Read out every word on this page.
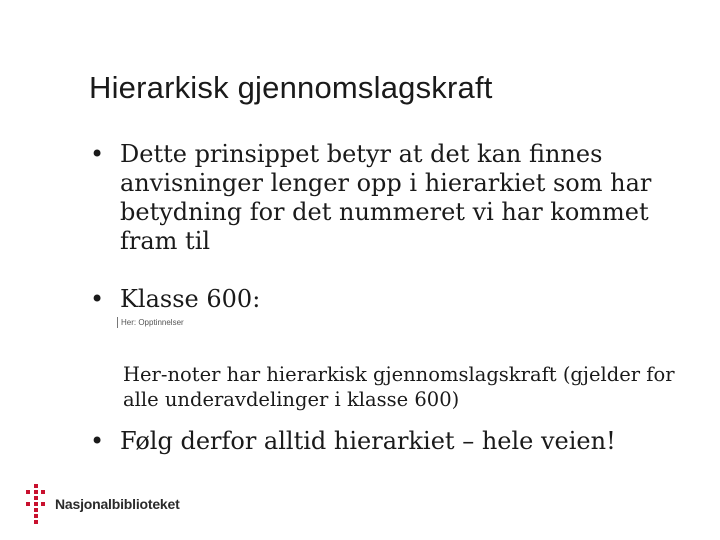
Hierarkisk gjennomslagskraft
• Dette prinsippet betyr at det kan finnes anvisninger lenger opp i hierarkiet som har betydning for det nummeret vi har kommet fram til
• Klasse 600:
Her: Opptinnelser
Her-noter har hierarkisk gjennomslagskraft (gjelder for alle underavdelinger i klasse 600)
• Følg derfor alltid hierarkiet – hele veien!
Nasjonalbiblioteket
